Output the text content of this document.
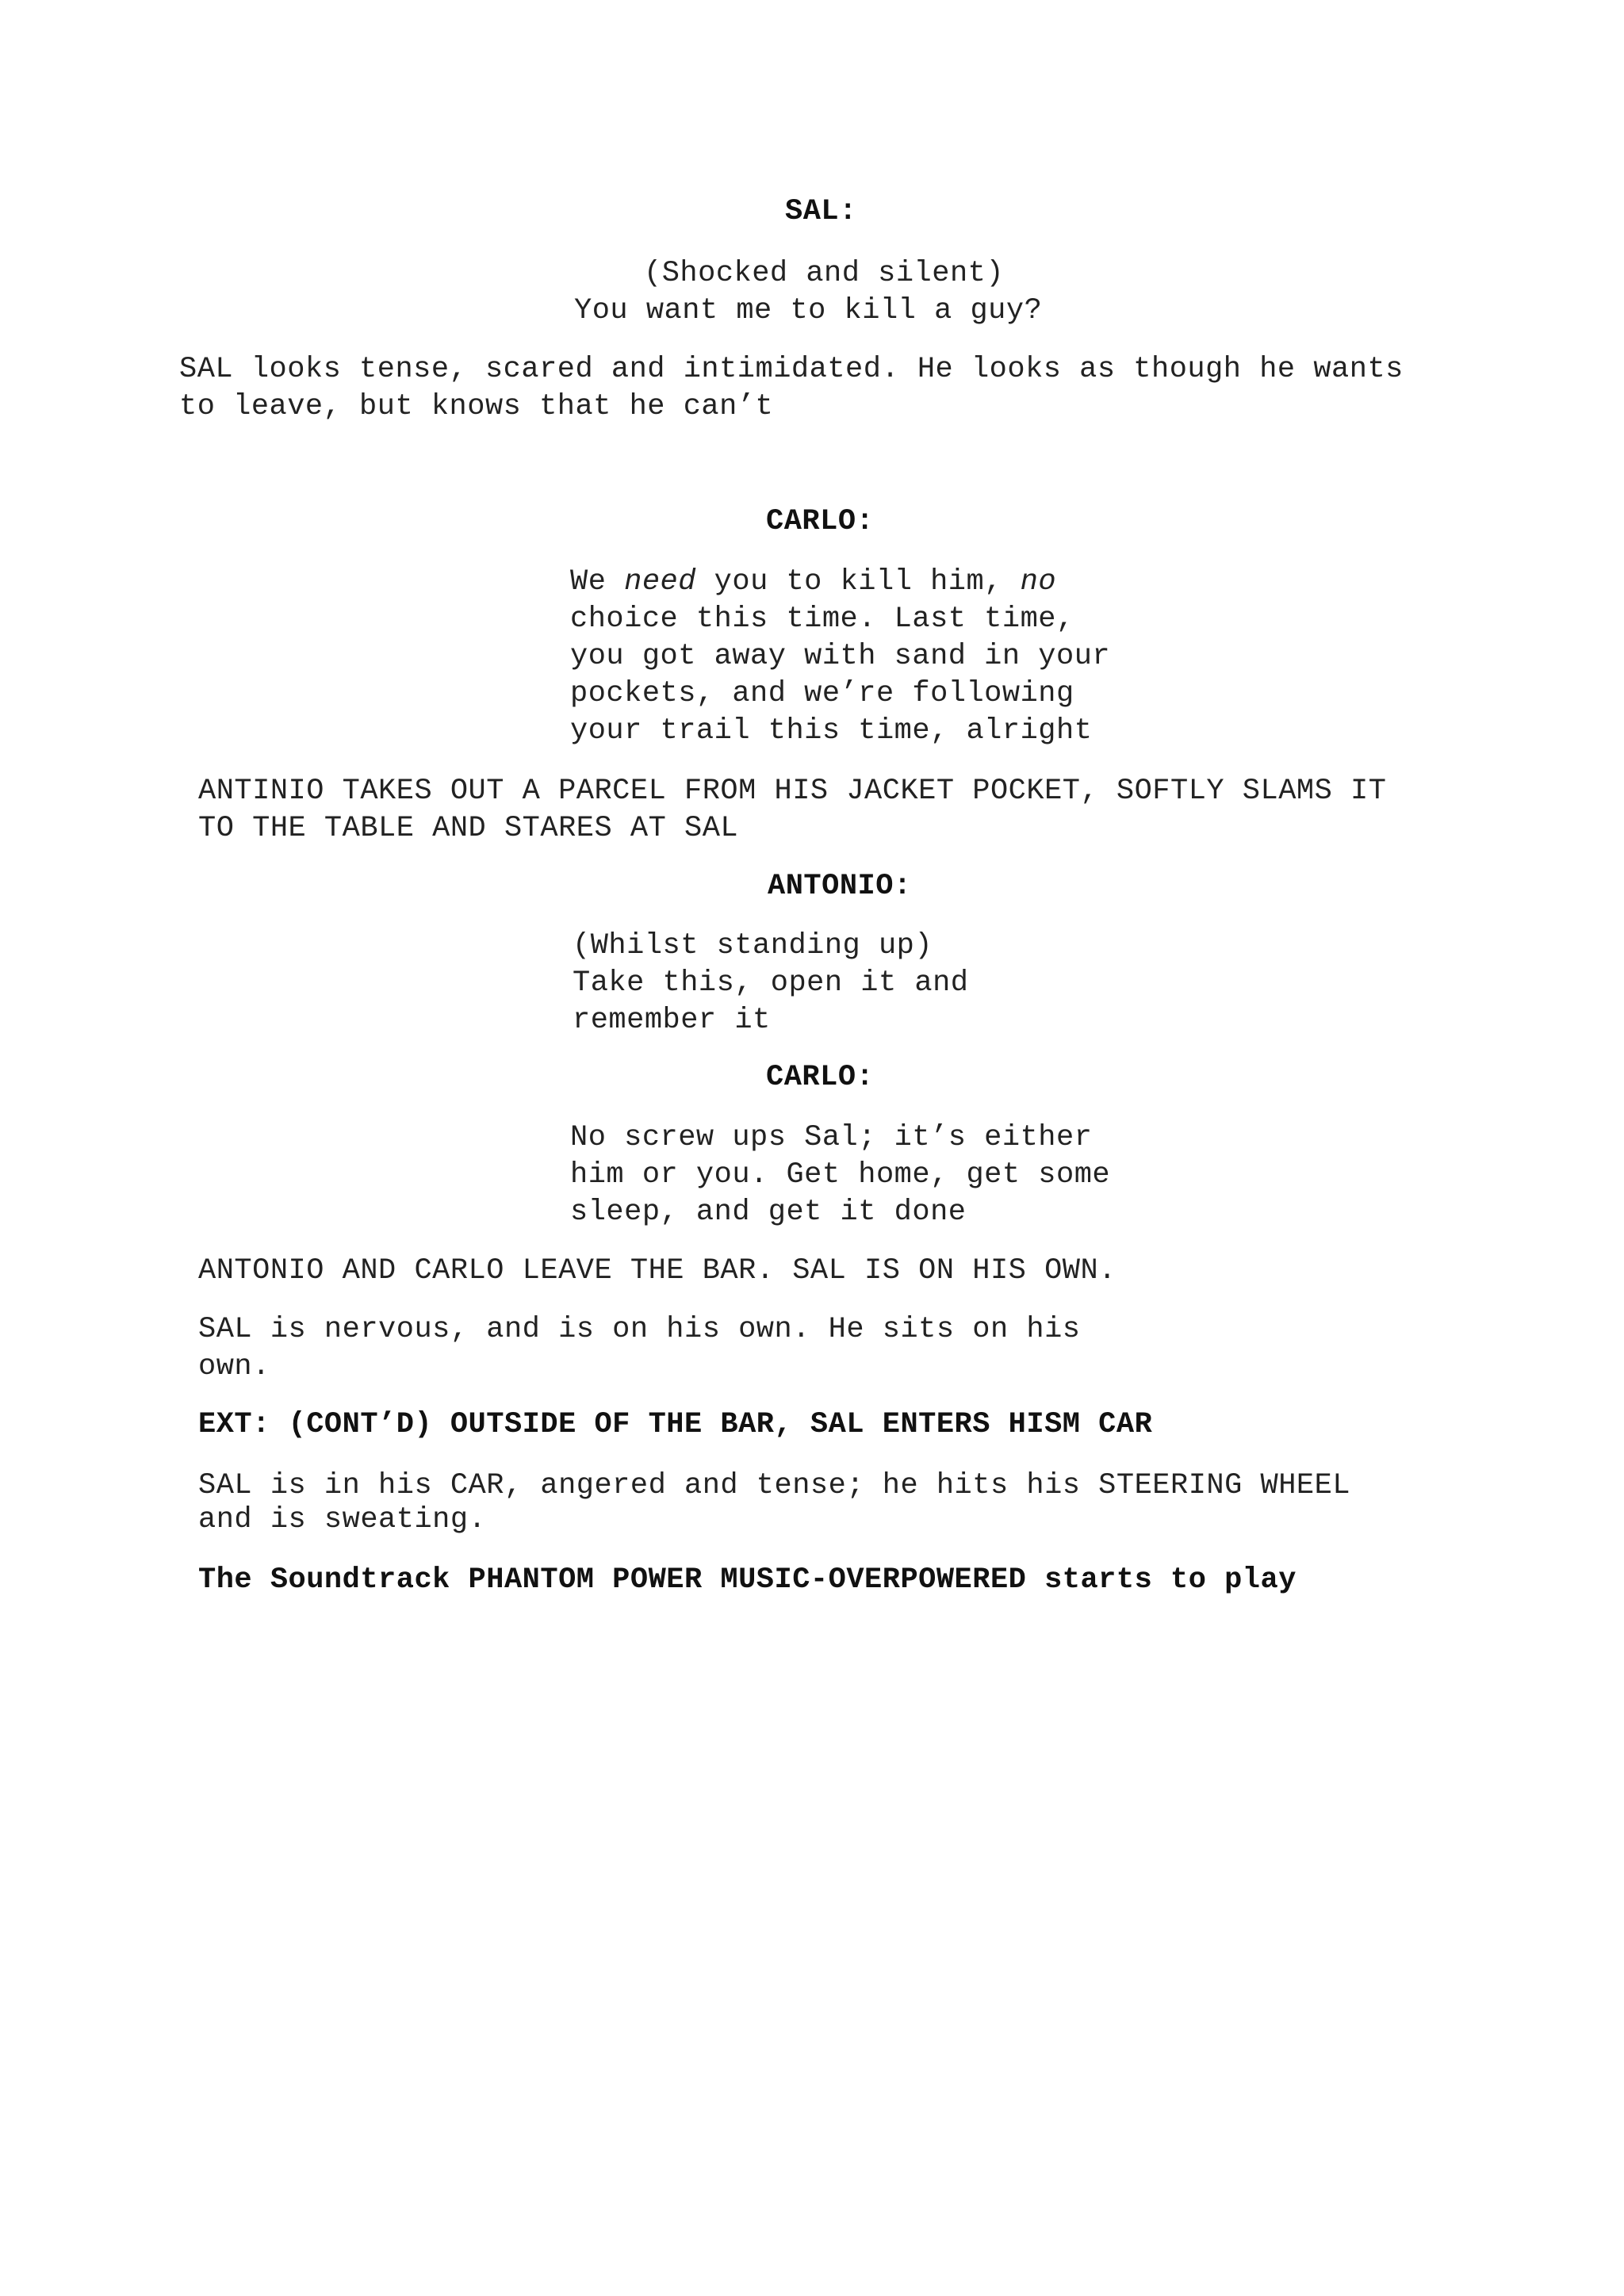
SAL:
(Shocked and silent)
You want me to kill a guy?
SAL looks tense, scared and intimidated. He looks as though he wants
to leave, but knows that he can’t
CARLO:
We need you to kill him, no
choice this time. Last time,
you got away with sand in your
pockets, and we’re following
your trail this time, alright
ANTINIO TAKES OUT A PARCEL FROM HIS JACKET POCKET, SOFTLY SLAMS IT
TO THE TABLE AND STARES AT SAL
ANTONIO:
(Whilst standing up)
Take this, open it and
remember it
CARLO:
No screw ups Sal; it’s either
him or you. Get home, get some
sleep, and get it done
ANTONIO AND CARLO LEAVE THE BAR. SAL IS ON HIS OWN.
SAL is nervous, and is on his own. He sits on his
own.
EXT: (CONT’D) OUTSIDE OF THE BAR, SAL ENTERS HISM CAR
SAL is in his CAR, angered and tense; he hits his STEERING WHEEL
and is sweating.
The Soundtrack PHANTOM POWER MUSIC-OVERPOWERED starts to play
